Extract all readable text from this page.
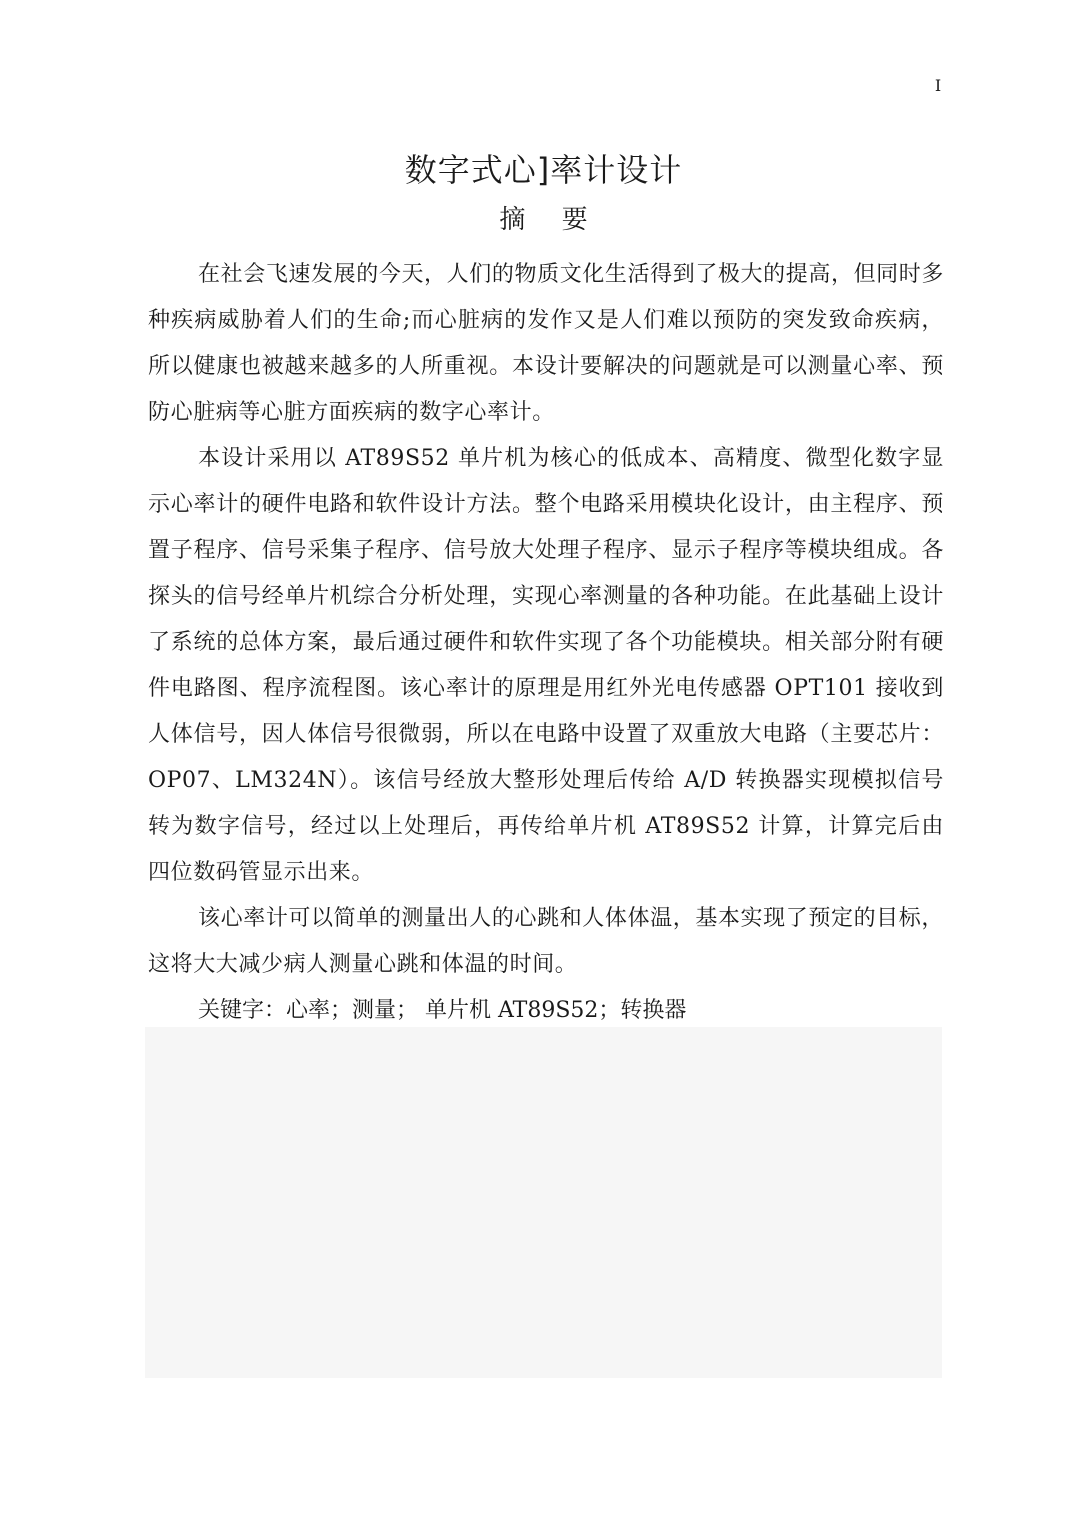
I
数字式心]率计设计
摘 要

在社会飞速发展的今天，人们的物质文化生活得到了极大的提高，但同时多种疾病威胁着人们的生命;而心脏病的发作又是人们难以预防的突发致命疾病，所以健康也被越来越多的人所重视。本设计要解决的问题就是可以测量心率、预防心脏病等心脏方面疾病的数字心率计。

本设计采用以 AT89S52 单片机为核心的低成本、高精度、微型化数字显示心率计的硬件电路和软件设计方法。整个电路采用模块化设计，由主程序、预置子程序、信号采集子程序、信号放大处理子程序、显示子程序等模块组成。各探头的信号经单片机综合分析处理，实现心率测量的各种功能。在此基础上设计了系统的总体方案，最后通过硬件和软件实现了各个功能模块。相关部分附有硬件电路图、程序流程图。该心率计的原理是用红外光电传感器 OPT101 接收到人体信号，因人体信号很微弱，所以在电路中设置了双重放大电路（主要芯片：OP07、LM324N）。该信号经放大整形处理后传给 A/D 转换器实现模拟信号转为数字信号，经过以上处理后，再传给单片机 AT89S52 计算，计算完后由四位数码管显示出来。

该心率计可以简单的测量出人的心跳和人体体温，基本实现了预定的目标，这将大大减少病人测量心跳和体温的时间。

关键字：心率；测量； 单片机 AT89S52；转换器
